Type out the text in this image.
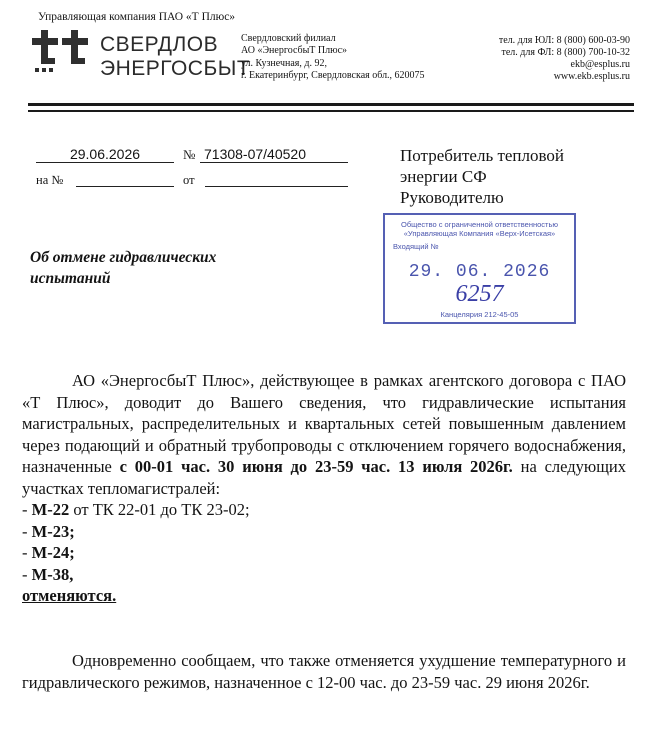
Управляющая компания ПАО «Т Плюс»
СВЕРДЛОВ
ЭНЕРГОСБЫТ
Свердловский филиал
АО «ЭнергосбыТ Плюс»
ул. Кузнечная, д. 92,
г. Екатеринбург, Свердловская обл., 620075
тел. для ЮЛ: 8 (800) 600-03-90
тел. для ФЛ: 8 (800) 700-10-32
ekb@esplus.ru
www.ekb.esplus.ru
29.06.2026	№ 71308-07/40520
на №	от
Потребитель тепловой
энергии СФ
Руководителю
Общество с ограниченной ответственностью
«Управляющая Компания «Верх-Исетская»
Входящий №
29. 06. 2026
6257
Канцелярия 212-45-05
Об отмене гидравлических
испытаний

АО «ЭнергосбыТ Плюс», действующее в рамках агентского договора с ПАО «Т Плюс», доводит до Вашего сведения, что гидравлические испытания магистральных, распределительных и квартальных сетей повышенным давлением через подающий и обратный трубопроводы с отключением горячего водоснабжения, назначенные с 00-01 час. 30 июня до 23-59 час. 13 июля 2026г. на следующих участках тепломагистралей:

- М-22 от ТК 22-01 до ТК 23-02;
- М-23;
- М-24;
- М-38,
отменяются.

Одновременно сообщаем, что также отменяется ухудшение температурного и гидравлического режимов, назначенное с 12-00 час. до 23-59 час. 29 июня 2026г.
